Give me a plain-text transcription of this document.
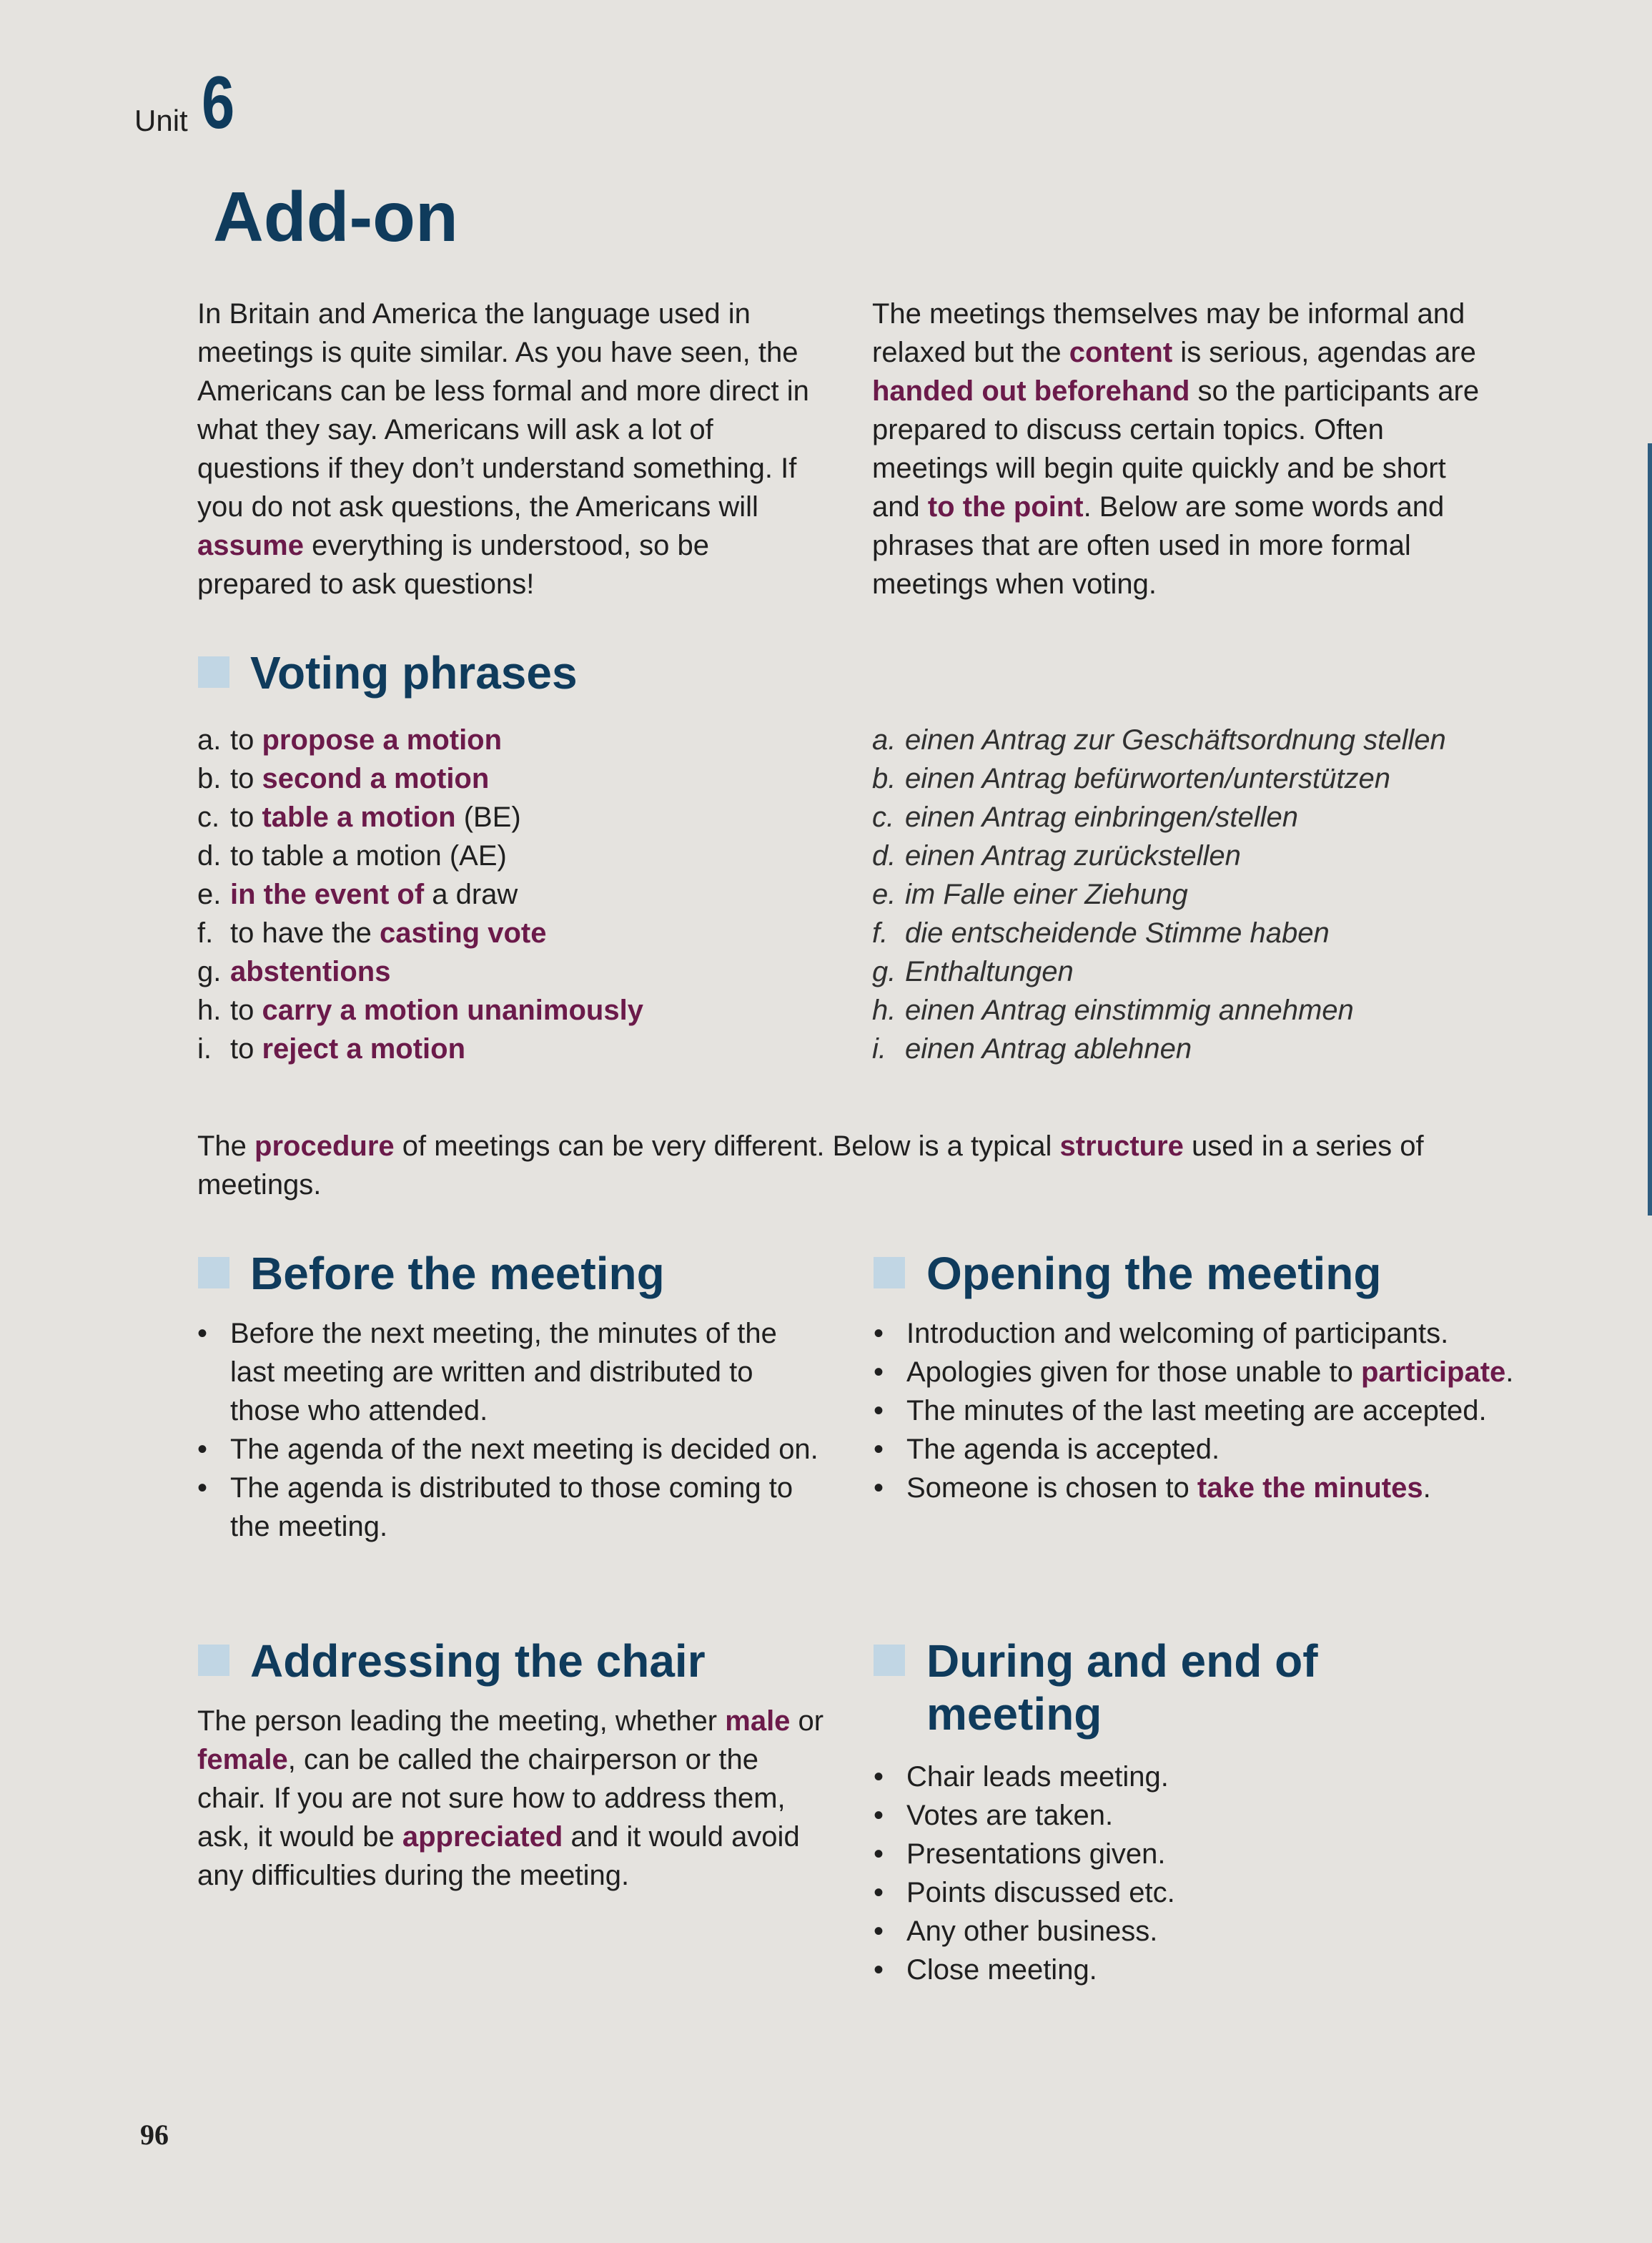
Unit 6
Add-on

In Britain and America the language used in meetings is quite similar. As you have seen, the Americans can be less formal and more direct in what they say. Americans will ask a lot of questions if they don’t understand something. If you do not ask questions, the Americans will assume everything is understood, so be prepared to ask questions!

The meetings themselves may be informal and relaxed but the content is serious, agendas are handed out beforehand so the participants are prepared to discuss certain topics. Often meetings will begin quite quickly and be short and to the point. Below are some words and phrases that are often used in more formal meetings when voting.

Voting phrases
a. to propose a motion
b. to second a motion
c. to table a motion (BE)
d. to table a motion (AE)
e. in the event of a draw
f. to have the casting vote
g. abstentions
h. to carry a motion unanimously
i. to reject a motion
a. einen Antrag zur Geschäftsordnung stellen
b. einen Antrag befürworten/unterstützen
c. einen Antrag einbringen/stellen
d. einen Antrag zurückstellen
e. im Falle einer Ziehung
f. die entscheidende Stimme haben
g. Enthaltungen
h. einen Antrag einstimmig annehmen
i. einen Antrag ablehnen

The procedure of meetings can be very different. Below is a typical structure used in a series of meetings.

Before the meeting
• Before the next meeting, the minutes of the last meeting are written and distributed to those who attended.
• The agenda of the next meeting is decided on.
• The agenda is distributed to those coming to the meeting.
Opening the meeting
• Introduction and welcoming of participants.
• Apologies given for those unable to participate.
• The minutes of the last meeting are accepted.
• The agenda is accepted.
• Someone is chosen to take the minutes.
Addressing the chair

The person leading the meeting, whether male or female, can be called the chairperson or the chair. If you are not sure how to address them, ask, it would be appreciated and it would avoid any difficulties during the meeting.

During and end of meeting
• Chair leads meeting.
• Votes are taken.
• Presentations given.
• Points discussed etc.
• Any other business.
• Close meeting.
96
